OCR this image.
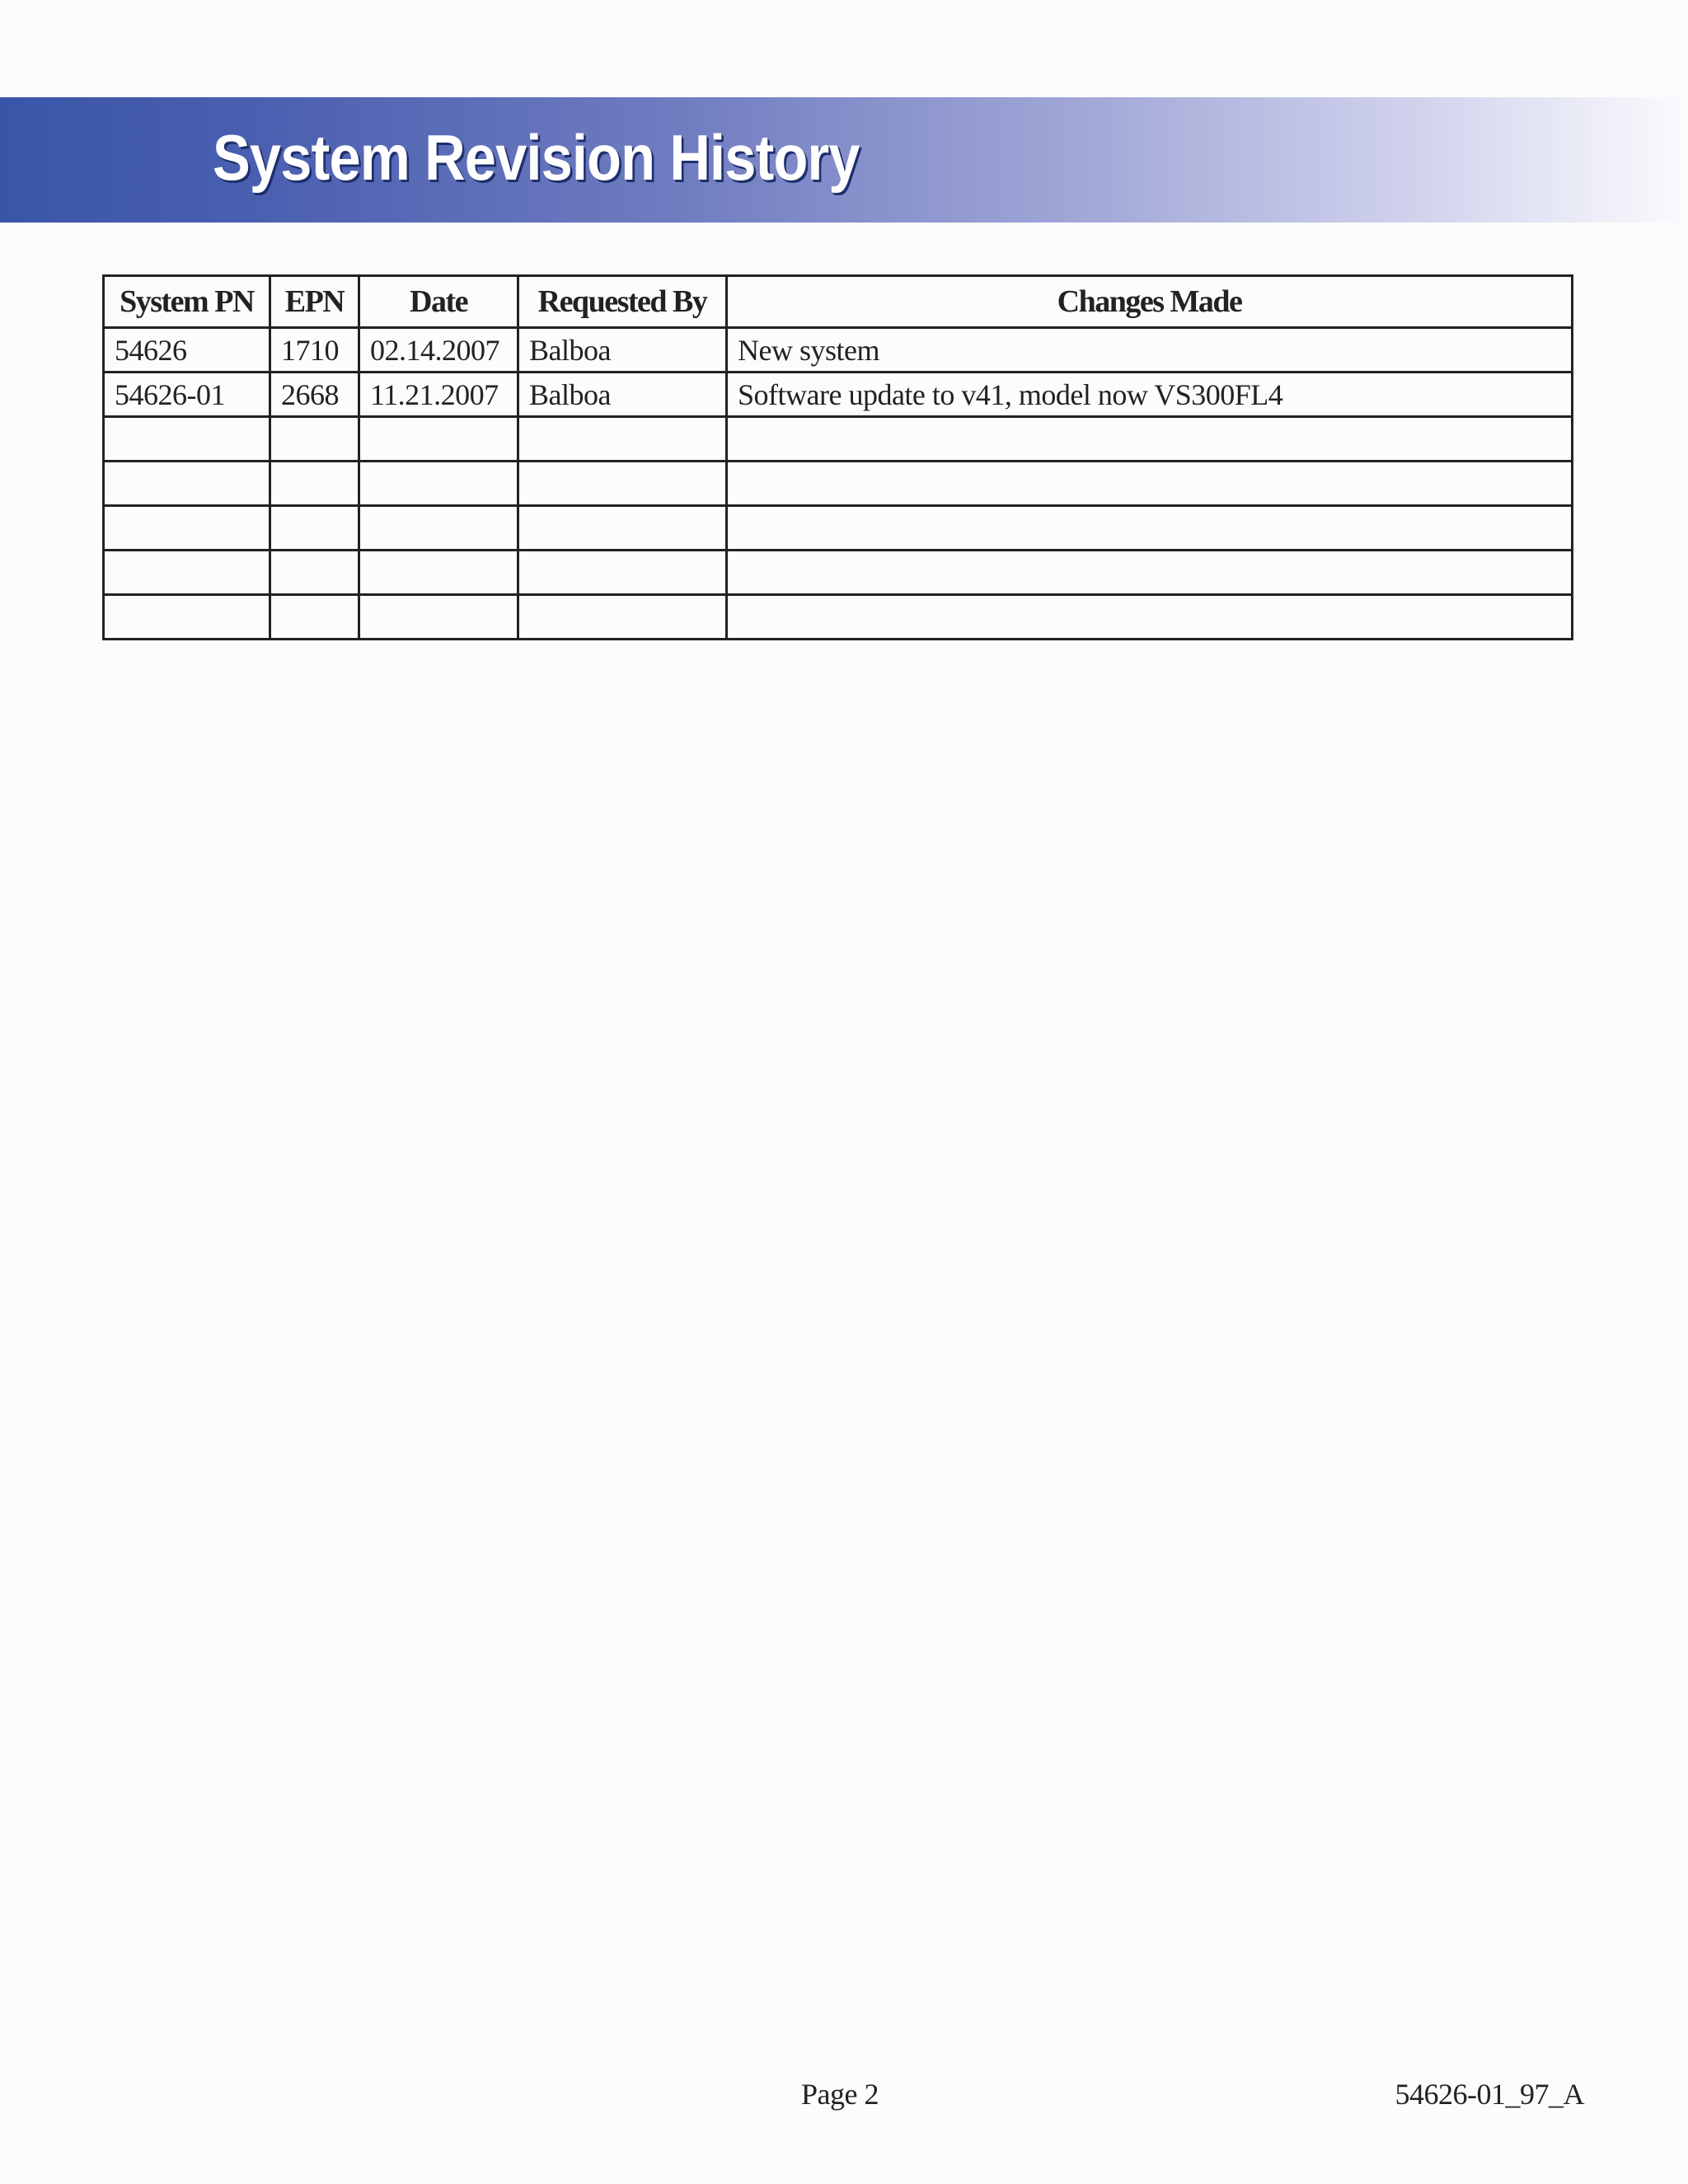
System Revision History
System PN	EPN	Date	Requested By	Changes Made
54626	1710	02.14.2007	Balboa	New system
54626-01	2668	11.21.2007	Balboa	Software update to v41, model now VS300FL4

Page 2	54626-01_97_A
